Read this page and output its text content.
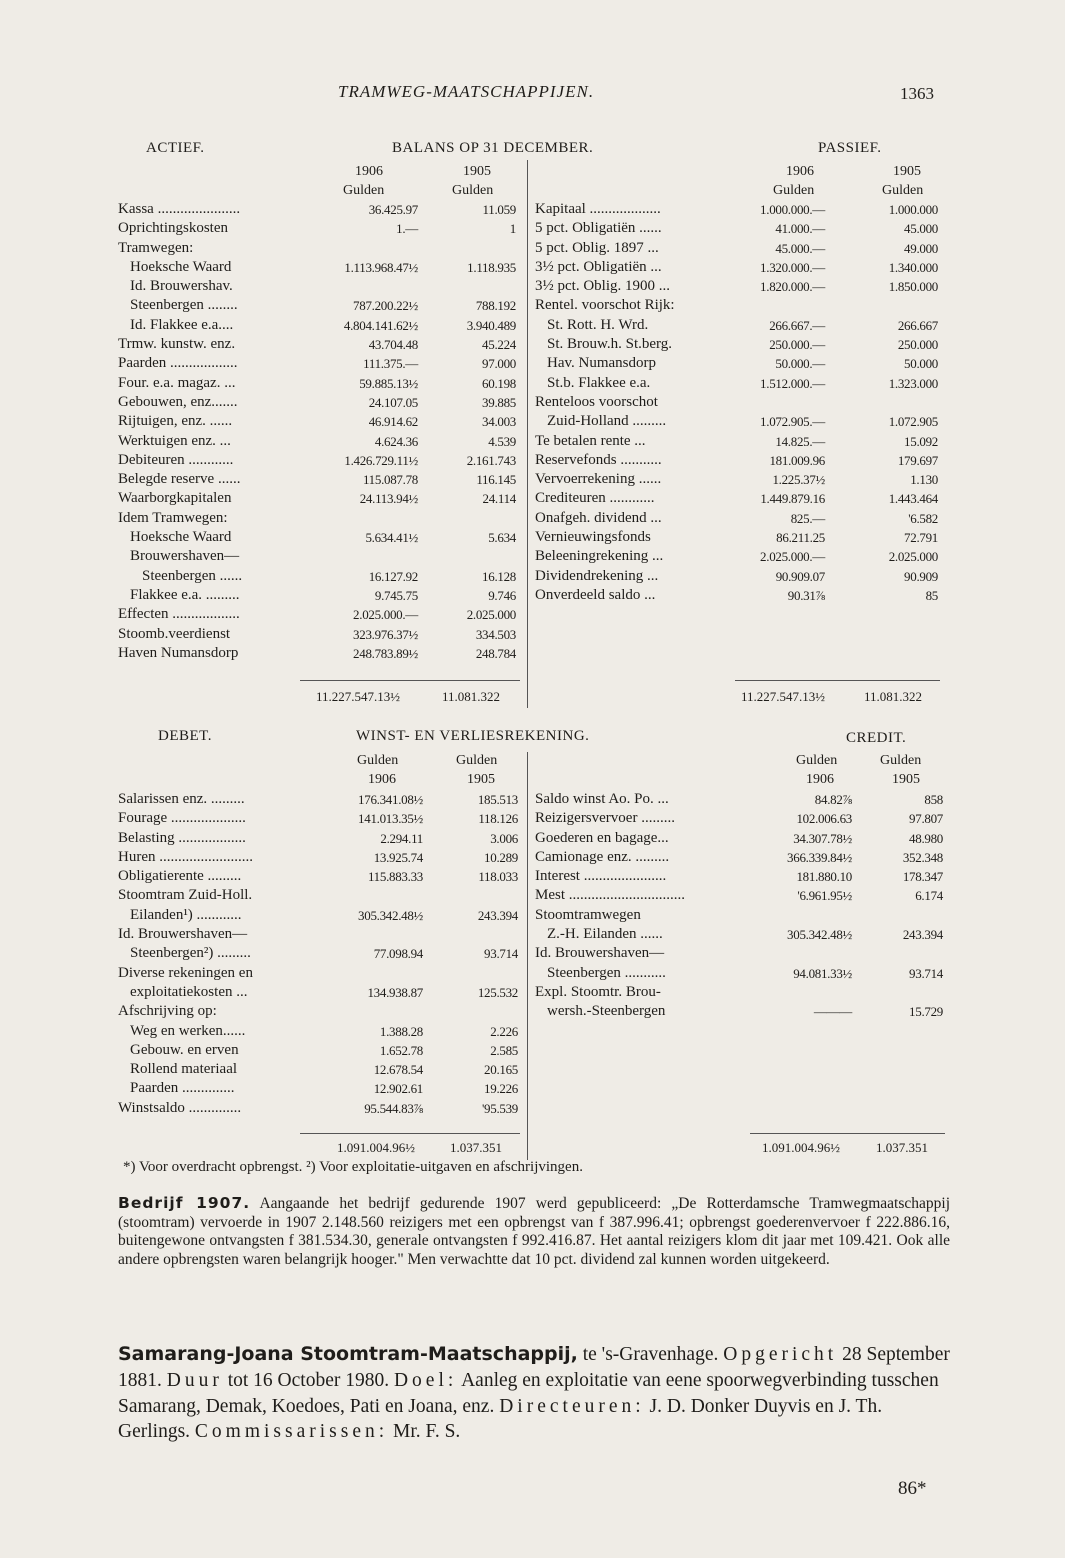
TRAMWEG-MAATSCHAPPIJEN.	1363
ACTIEF.	BALANS OP 31 DECEMBER.	PASSIEF.
1906	1905
Gulden	Gulden
1906	1905
Gulden	Gulden
Kassa ......................	36.425.97	11.059
Oprichtingskosten	1.—	1
Tramwegen:
Hoeksche Waard	1.113.968.47½	1.118.935
Id. Brouwershav.
Steenbergen ........	787.200.22½	788.192
Id. Flakkee e.a....	4.804.141.62½	3.940.489
Trmw. kunstw. enz.	43.704.48	45.224
Paarden ..................	111.375.—	97.000
Four. e.a. magaz. ...	59.885.13½	60.198
Gebouwen, enz.......	24.107.05	39.885
Rijtuigen, enz. ......	46.914.62	34.003
Werktuigen enz. ...	4.624.36	4.539
Debiteuren ............	1.426.729.11½	2.161.743
Belegde reserve ......	115.087.78	116.145
Waarborgkapitalen	24.113.94½	24.114
Idem Tramwegen:
Hoeksche Waard	5.634.41½	5.634
Brouwershaven—
Steenbergen ......	16.127.92	16.128
Flakkee e.a. .........	9.745.75	9.746
Effecten ..................	2.025.000.—	2.025.000
Stoomb.veerdienst	323.976.37½	334.503
Haven Numansdorp	248.783.89½	248.784
Kapitaal ...................	1.000.000.—	1.000.000
5 pct. Obligatiën ......	41.000.—	45.000
5 pct. Oblig. 1897 ...	45.000.—	49.000
3½ pct. Obligatiën ...	1.320.000.—	1.340.000
3½ pct. Oblig. 1900 ...	1.820.000.—	1.850.000
Rentel. voorschot Rijk:
St. Rott. H. Wrd.	266.667.—	266.667
St. Brouw.h. St.berg.	250.000.—	250.000
Hav. Numansdorp	50.000.—	50.000
St.b. Flakkee e.a.	1.512.000.—	1.323.000
Renteloos voorschot
Zuid-Holland .........	1.072.905.—	1.072.905
Te betalen rente ...	14.825.—	15.092
Reservefonds ...........	181.009.96	179.697
Vervoerrekening ......	1.225.37½	1.130
Crediteuren ............	1.449.879.16	1.443.464
Onafgeh. dividend ...	825.—	'6.582
Vernieuwingsfonds	86.211.25	72.791
Beleeningrekening ...	2.025.000.—	2.025.000
Dividendrekening ...	90.909.07	90.909
Onverdeeld saldo ...	90.31⅞	85
11.227.547.13½	11.081.322	11.227.547.13½	11.081.322
DEBET.	WINST- EN VERLIESREKENING.	CREDIT.
Gulden	Gulden
1906	1905
Gulden	Gulden
1906	1905
Salarissen enz. .........	176.341.08½	185.513
Fourage ....................	141.013.35½	118.126
Belasting ..................	2.294.11	3.006
Huren .........................	13.925.74	10.289
Obligatierente .........	115.883.33	118.033
Stoomtram Zuid-Holl.
Eilanden¹) ............	305.342.48½	243.394
Id. Brouwershaven—
Steenbergen²) .........	77.098.94	93.714
Diverse rekeningen en
exploitatiekosten ...	134.938.87	125.532
Afschrijving op:
Weg en werken......	1.388.28	2.226
Gebouw. en erven	1.652.78	2.585
Rollend materiaal	12.678.54	20.165
Paarden ..............	12.902.61	19.226
Winstsaldo ..............	95.544.83⅞	'95.539
Saldo winst Ao. Po. ...	84.82⅞	858
Reizigersvervoer .........	102.006.63	97.807
Goederen en bagage...	34.307.78½	48.980
Camionage enz. .........	366.339.84½	352.348
Interest ......................	181.880.10	178.347
Mest ...............................	'6.961.95½	6.174
Stoomtramwegen
Z.-H. Eilanden ......	305.342.48½	243.394
Id. Brouwershaven—
Steenbergen ...........	94.081.33½	93.714
Expl. Stoomtr. Brou-
wersh.-Steenbergen	———	15.729
1.091.004.96½	1.037.351	1.091.004.96½	1.037.351
*) Voor overdracht opbrengst. ²) Voor exploitatie-uitgaven en afschrijvingen.

Bedrijf 1907. Aangaande het bedrijf gedurende 1907 werd gepubliceerd: „De Rotterdamsche Tramwegmaatschappij (stoomtram) vervoerde in 1907 2.148.560 reizigers met een opbrengst van f 387.996.41; opbrengst goederenvervoer f 222.886.16, buitengewone ontvangsten f 381.534.30, generale ontvangsten f 992.416.87. Het aantal reizigers klom dit jaar met 109.421. Ook alle andere opbrengsten waren belangrijk hooger." Men verwachtte dat 10 pct. dividend zal kunnen worden uitgekeerd.

Samarang-Joana Stoomtram-Maatschappij, te 's-Gravenhage. Opgericht 28 September 1881. Duur tot 16 October 1980. Doel: Aanleg en exploitatie van eene spoorwegverbinding tusschen Samarang, Demak, Koedoes, Pati en Joana, enz. Directeuren: J. D. Donker Duyvis en J. Th. Gerlings. Commissarissen: Mr. F. S.
86*
